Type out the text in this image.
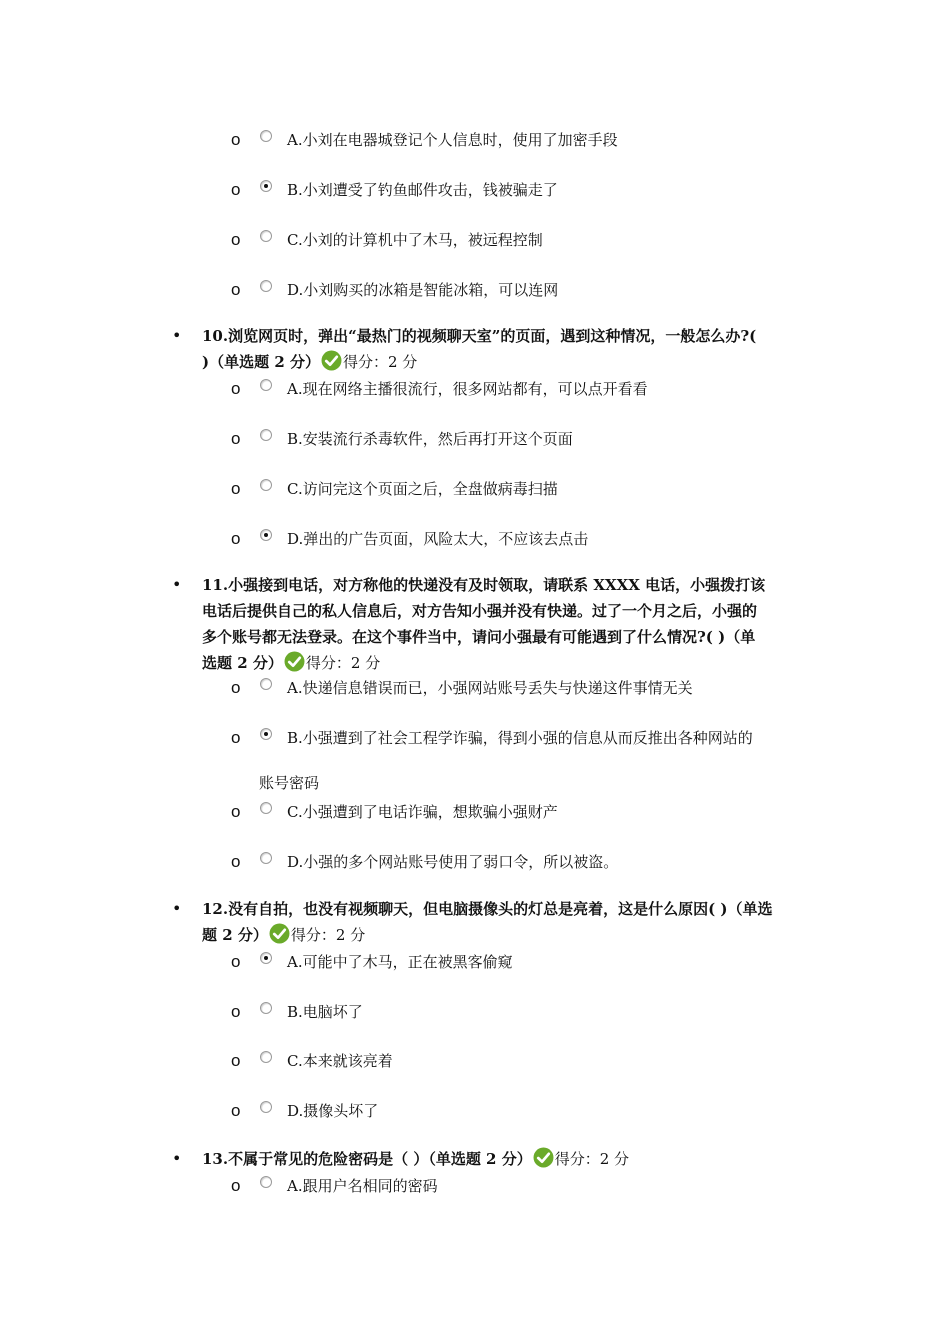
o	A.小刘在电器城登记个人信息时，使用了加密手段
o	B.小刘遭受了钓鱼邮件攻击，钱被骗走了
o	C.小刘的计算机中了木马，被远程控制
o	D.小刘购买的冰箱是智能冰箱，可以连网
• 10.浏览网页时，弹出“最热门的视频聊天室”的页面，遇到这种情况，一般怎么办?(
)（单选题 2 分） 得分：2 分
o	A.现在网络主播很流行，很多网站都有，可以点开看看
o	B.安装流行杀毒软件，然后再打开这个页面
o	C.访问完这个页面之后，全盘做病毒扫描
o	D.弹出的广告页面，风险太大，不应该去点击
• 11.小强接到电话，对方称他的快递没有及时领取，请联系 XXXX 电话，小强拨打该
电话后提供自己的私人信息后，对方告知小强并没有快递。过了一个月之后，小强的
多个账号都无法登录。在这个事件当中，请问小强最有可能遇到了什么情况?( )（单
选题 2 分） 得分：2 分
o	A.快递信息错误而已，小强网站账号丢失与快递这件事情无关
o	B.小强遭到了社会工程学诈骗，得到小强的信息从而反推出各种网站的
账号密码
o	C.小强遭到了电话诈骗，想欺骗小强财产
o	D.小强的多个网站账号使用了弱口令，所以被盗。
• 12.没有自拍，也没有视频聊天，但电脑摄像头的灯总是亮着，这是什么原因( )（单选
题 2 分） 得分：2 分
o	A.可能中了木马，正在被黑客偷窥
o	B.电脑坏了
o	C.本来就该亮着
o	D.摄像头坏了
• 13.不属于常见的危险密码是（ ）（单选题 2 分） 得分：2 分
o	A.跟用户名相同的密码
